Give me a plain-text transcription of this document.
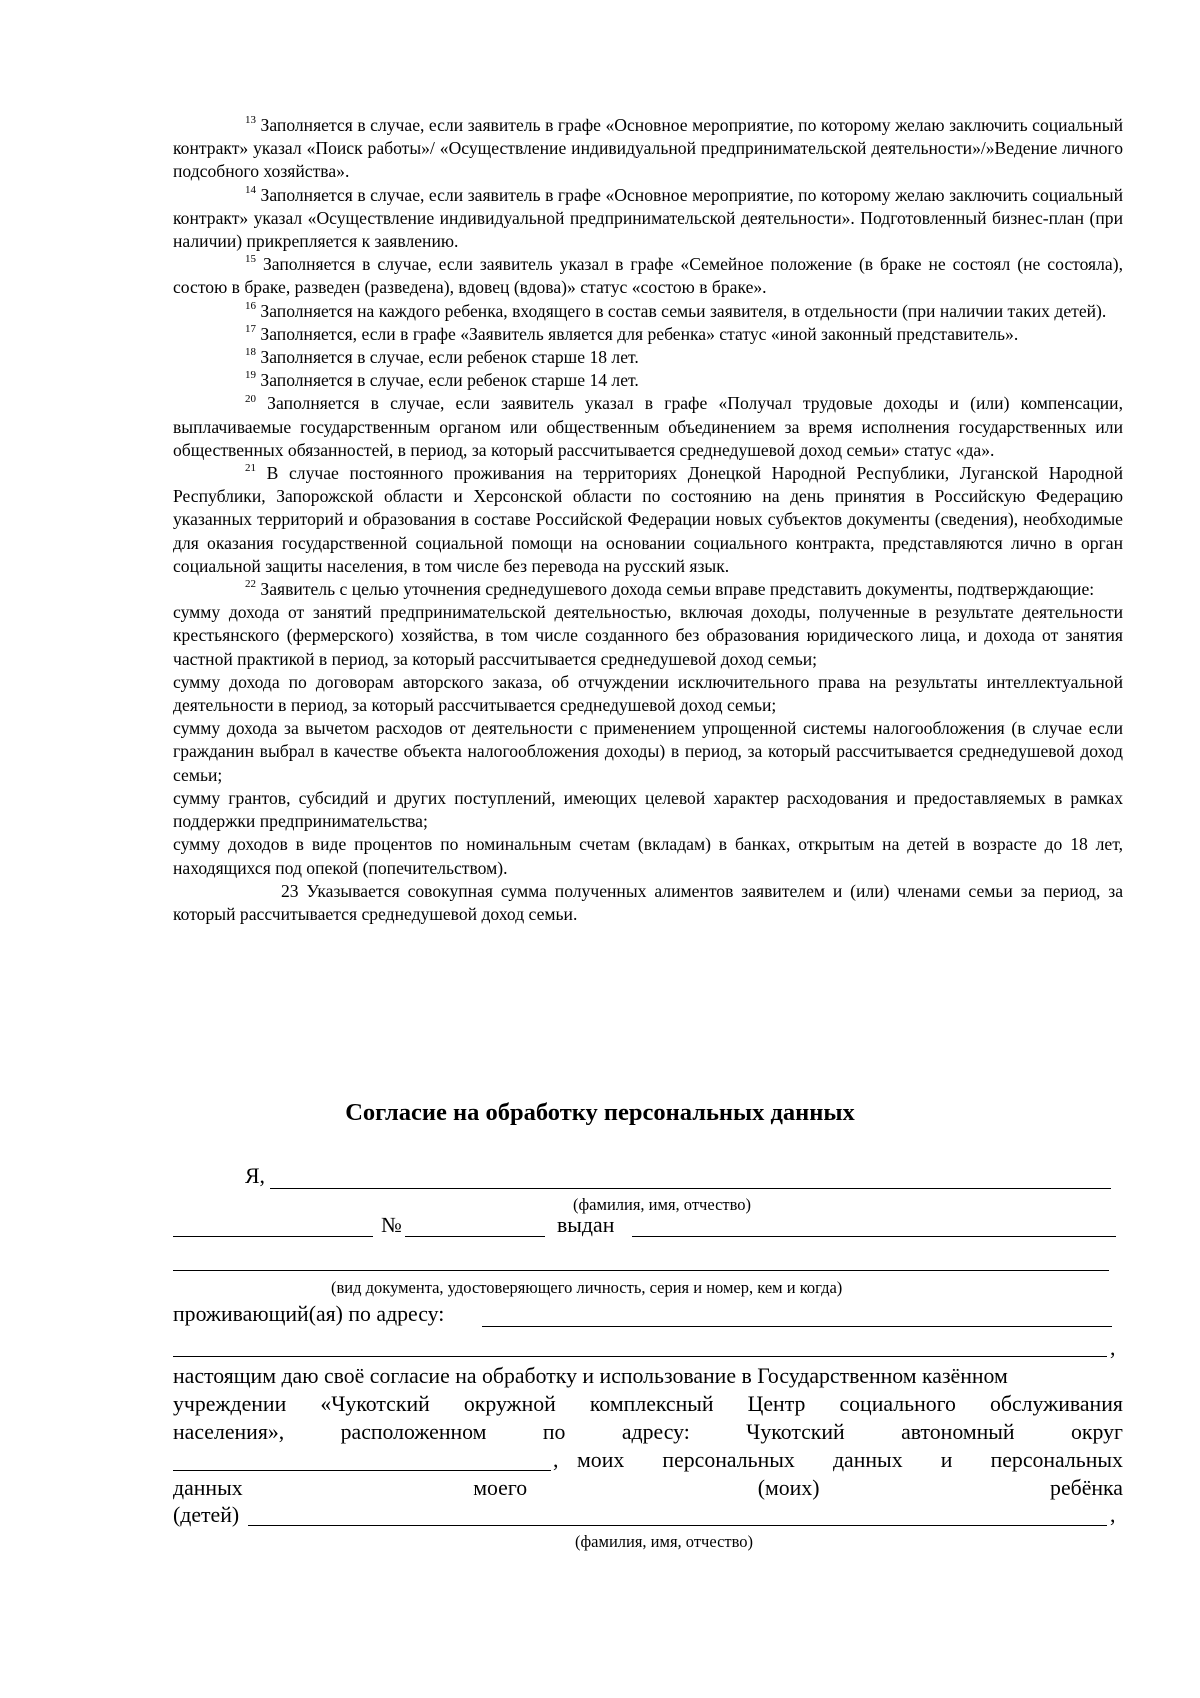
$^{13}$ Заполняется в случае, если заявитель в графе «Основное мероприятие, по которому желаю заключить социальный контракт» указал «Поиск работы»/ «Осуществление индивидуальной предпринимательской деятельности»/»Ведение личного подсобного хозяйства».

$^{14}$ Заполняется в случае, если заявитель в графе «Основное мероприятие, по которому желаю заключить социальный контракт» указал «Осуществление индивидуальной предпринимательской деятельности». Подготовленный бизнес-план (при наличии) прикрепляется к заявлению.

$^{15}$ Заполняется в случае, если заявитель указал в графе «Семейное положение (в браке не состоял (не состояла), состою в браке, разведен (разведена), вдовец (вдова)» статус «состою в браке».

$^{16}$ Заполняется на каждого ребенка, входящего в состав семьи заявителя, в отдельности (при наличии таких детей).

$^{17}$ Заполняется, если в графе «Заявитель является для ребенка» статус «иной законный представитель».

$^{18}$ Заполняется в случае, если ребенок старше 18 лет.

$^{19}$ Заполняется в случае, если ребенок старше 14 лет.

$^{20}$ Заполняется в случае, если заявитель указал в графе «Получал трудовые доходы и (или) компенсации, выплачиваемые государственным органом или общественным объединением за время исполнения государственных или общественных обязанностей, в период, за который рассчитывается среднедушевой доход семьи» статус «да».

$^{21}$ В случае постоянного проживания на территориях Донецкой Народной Республики, Луганской Народной Республики, Запорожской области и Херсонской области по состоянию на день принятия в Российскую Федерацию указанных территорий и образования в составе Российской Федерации новых субъектов документы (сведения), необходимые для оказания государственной социальной помощи на основании социального контракта, представляются лично в орган социальной защиты населения, в том числе без перевода на русский язык.

$^{22}$ Заявитель с целью уточнения среднедушевого дохода семьи вправе представить документы, подтверждающие:

сумму дохода от занятий предпринимательской деятельностью, включая доходы, полученные в результате деятельности крестьянского (фермерского) хозяйства, в том числе созданного без образования юридического лица, и дохода от занятия частной практикой в период, за который рассчитывается среднедушевой доход семьи;

сумму дохода по договорам авторского заказа, об отчуждении исключительного права на результаты интеллектуальной деятельности в период, за который рассчитывается среднедушевой доход семьи;

сумму дохода за вычетом расходов от деятельности с применением упрощенной системы налогообложения (в случае если гражданин выбрал в качестве объекта налогообложения доходы) в период, за который рассчитывается среднедушевой доход семьи;

сумму грантов, субсидий и других поступлений, имеющих целевой характер расходования и предоставляемых в рамках поддержки предпринимательства;

сумму доходов в виде процентов по номинальным счетам (вкладам) в банках, открытым на детей в возрасте до 18 лет, находящихся под опекой (попечительством).

23 Указывается совокупная сумма полученных алиментов заявителем и (или) членами семьи за период, за который рассчитывается среднедушевой доход семьи.

Согласие на обработку персональных данных
Я,
(фамилия, имя, отчество)
№	выдан
(вид документа, удостоверяющего личность, серия и номер, кем и когда)
проживающий(ая) по адресу:
,
настоящим даю своё согласие на обработку и использование в Государственном казённом
учреждении «Чукотский окружной комплексный Центр социального обслуживания
населения»,	расположенном	по	адресу:	Чукотский	автономный	округ
, моих персональных данных и персональных
данных	моего	(моих)	ребёнка
(детей)	,
(фамилия, имя, отчество)
